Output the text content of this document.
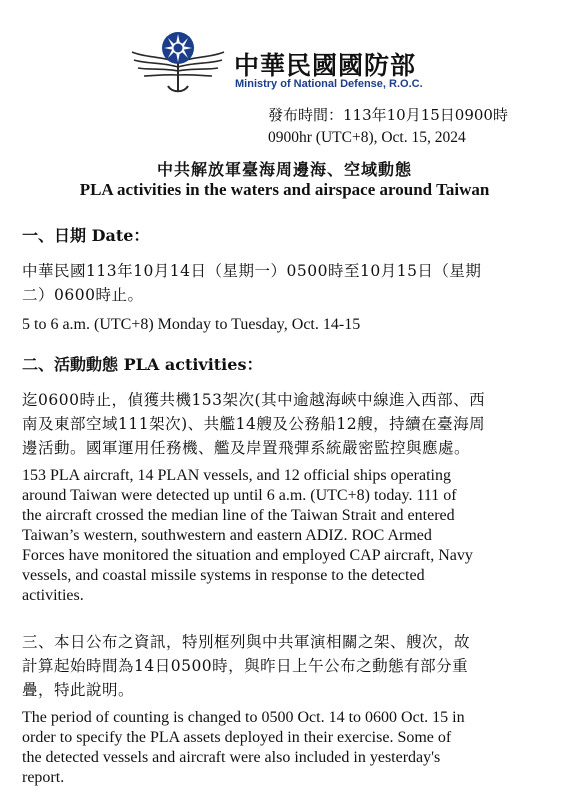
中華民國國防部
Ministry of National Defense, R.O.C.
發布時間：113年10月15日0900時
0900hr (UTC+8), Oct. 15, 2024
中共解放軍臺海周邊海、空域動態
PLA activities in the waters and airspace around Taiwan
一、日期 Date：
中華民國113年10月14日（星期一）0500時至10月15日（星期
二）0600時止。
5 to 6 a.m. (UTC+8) Monday to Tuesday, Oct. 14-15
二、活動動態 PLA activities：
迄0600時止，偵獲共機153架次(其中逾越海峽中線進入西部、西
南及東部空域111架次)、共艦14艘及公務船12艘，持續在臺海周
邊活動。國軍運用任務機、艦及岸置飛彈系統嚴密監控與應處。
153 PLA aircraft, 14 PLAN vessels, and 12 official ships operating
around Taiwan were detected up until 6 a.m. (UTC+8) today. 111 of
the aircraft crossed the median line of the Taiwan Strait and entered
Taiwan’s western, southwestern and eastern ADIZ. ROC Armed
Forces have monitored the situation and employed CAP aircraft, Navy
vessels, and coastal missile systems in response to the detected
activities.
三、本日公布之資訊，特別框列與中共軍演相關之架、艘次，故
計算起始時間為14日0500時，與昨日上午公布之動態有部分重
疊，特此說明。
The period of counting is changed to 0500 Oct. 14 to 0600 Oct. 15 in
order to specify the PLA assets deployed in their exercise. Some of
the detected vessels and aircraft were also included in yesterday's
report.
